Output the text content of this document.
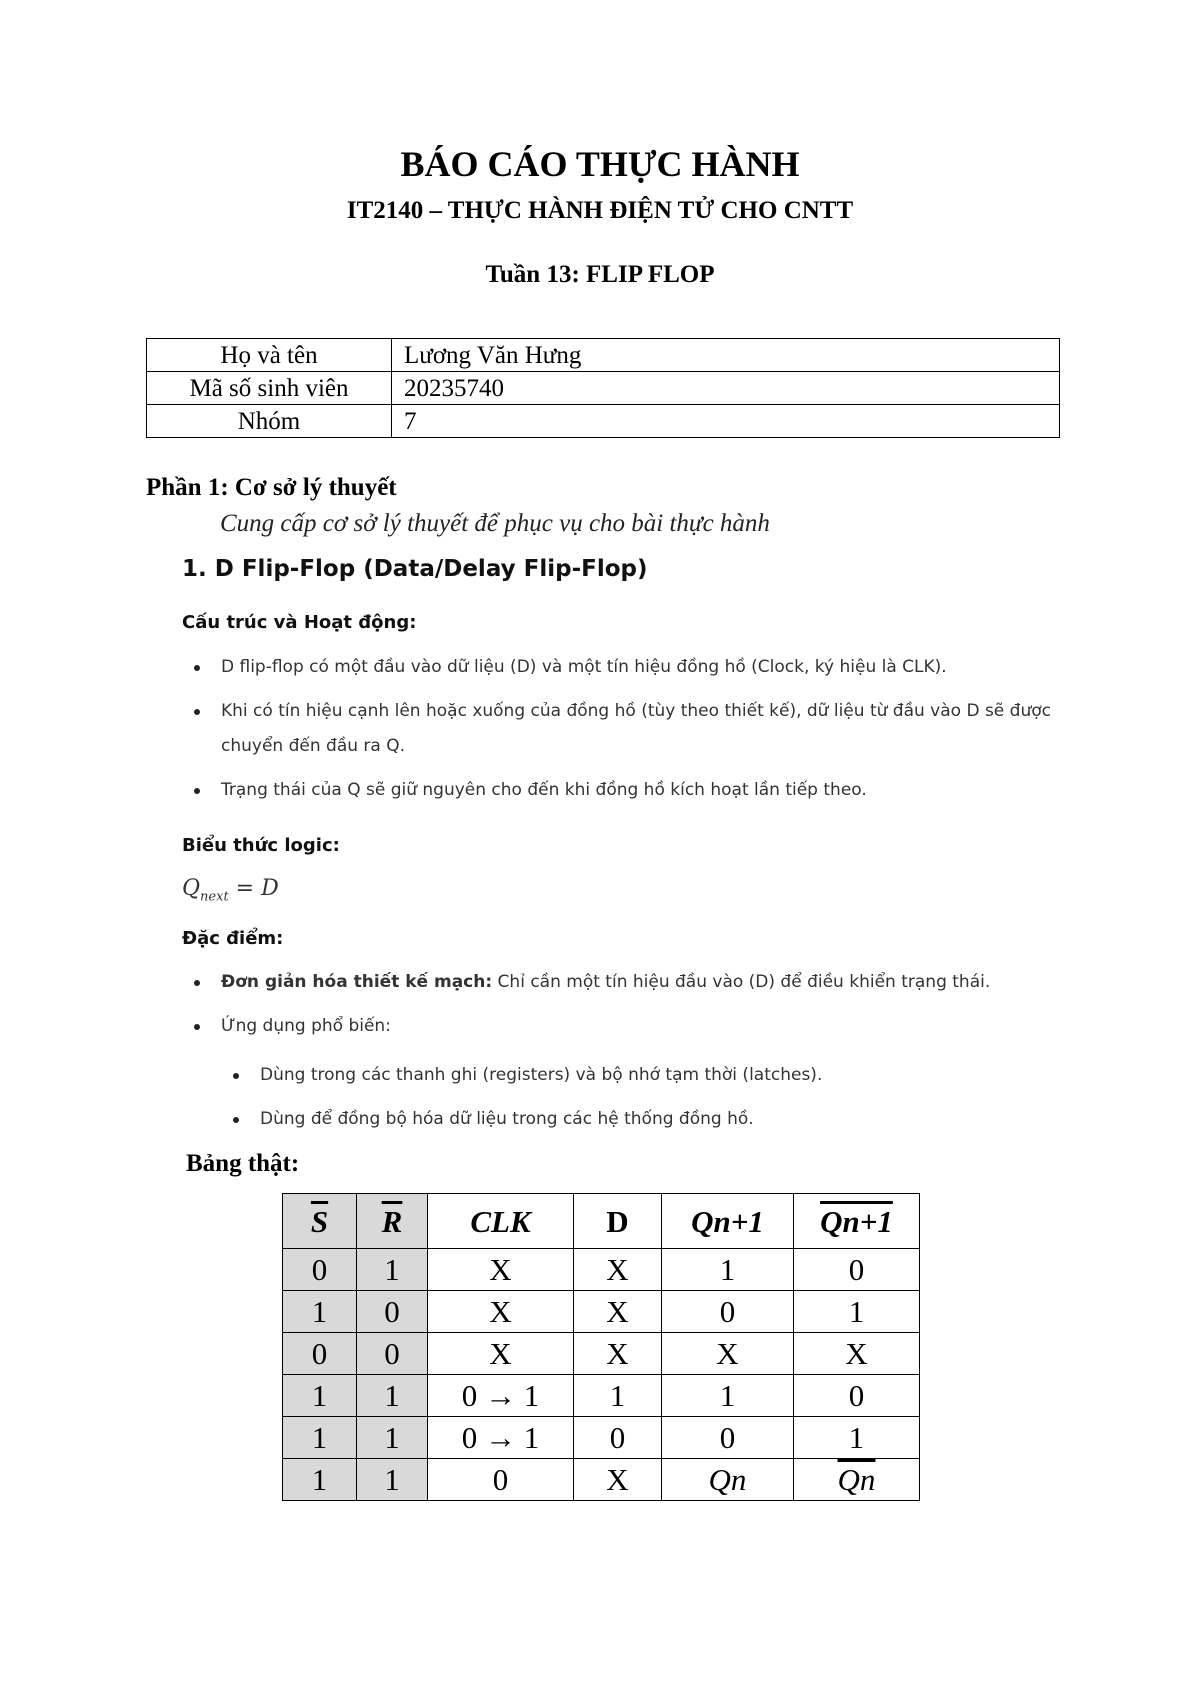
BÁO CÁO THỰC HÀNH
IT2140 – THỰC HÀNH ĐIỆN TỬ CHO CNTT
Tuần 13: FLIP FLOP
Họ và tên	Lương Văn Hưng
Mã số sinh viên	20235740
Nhóm	7
Phần 1: Cơ sở lý thuyết
Cung cấp cơ sở lý thuyết để phục vụ cho bài thực hành
1. D Flip-Flop (Data/Delay Flip-Flop)
Cấu trúc và Hoạt động:
D flip-flop có một đầu vào dữ liệu (D) và một tín hiệu đồng hồ (Clock, ký hiệu là CLK).
Khi có tín hiệu cạnh lên hoặc xuống của đồng hồ (tùy theo thiết kế), dữ liệu từ đầu vào D sẽ được chuyển đến đầu ra Q.
Trạng thái của Q sẽ giữ nguyên cho đến khi đồng hồ kích hoạt lần tiếp theo.
Biểu thức logic:
$Q_{next} = D$
Đặc điểm:
Đơn giản hóa thiết kế mạch: Chỉ cần một tín hiệu đầu vào (D) để điều khiển trạng thái.
Ứng dụng phổ biến:
Dùng trong các thanh ghi (registers) và bộ nhớ tạm thời (latches).
Dùng để đồng bộ hóa dữ liệu trong các hệ thống đồng hồ.
Bảng thật:
$\overline{S}$	$\overline{R}$	CLK	D	Qn+1	Qn+1
0	1	X	X	1	0
1	0	X	X	0	1
0	0	X	X	X	X
1	1	0 → 1	1	1	0
1	1	0 → 1	0	0	1
1	1	0	X	Qn	$\overline{Qn}$
